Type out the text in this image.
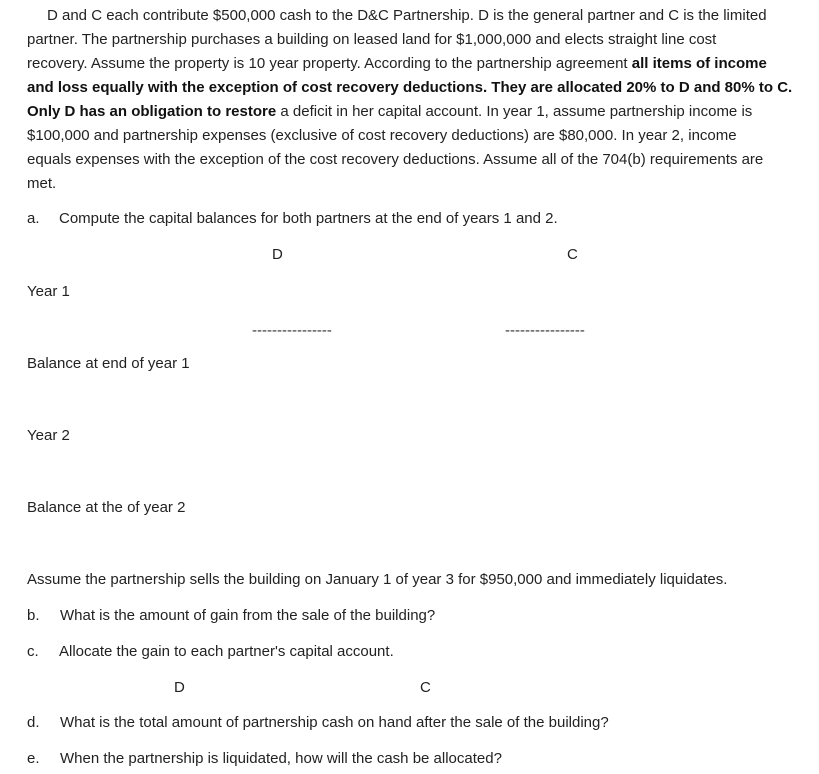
D and C each contribute $500,000 cash to the D&C Partnership. D is the general partner and C is the limited
partner. The partnership purchases a building on leased land for $1,000,000 and elects straight line cost
recovery. Assume the property is 10 year property. According to the partnership agreement all items of income
and loss equally with the exception of cost recovery deductions. They are allocated 20% to D and 80% to C.
Only D has an obligation to restore a deficit in her capital account. In year 1, assume partnership income is
$100,000 and partnership expenses (exclusive of cost recovery deductions) are $80,000. In year 2, income
equals expenses with the exception of the cost recovery deductions. Assume all of the 704(b) requirements are
met.
a. Compute the capital balances for both partners at the end of years 1 and 2.
D	C
Year 1
----------------	----------------
Balance at end of year 1
Year 2
Balance at the of year 2
Assume the partnership sells the building on January 1 of year 3 for $950,000 and immediately liquidates.
b. What is the amount of gain from the sale of the building?
c. Allocate the gain to each partner's capital account.
D	C
d. What is the total amount of partnership cash on hand after the sale of the building?
e. When the partnership is liquidated, how will the cash be allocated?
